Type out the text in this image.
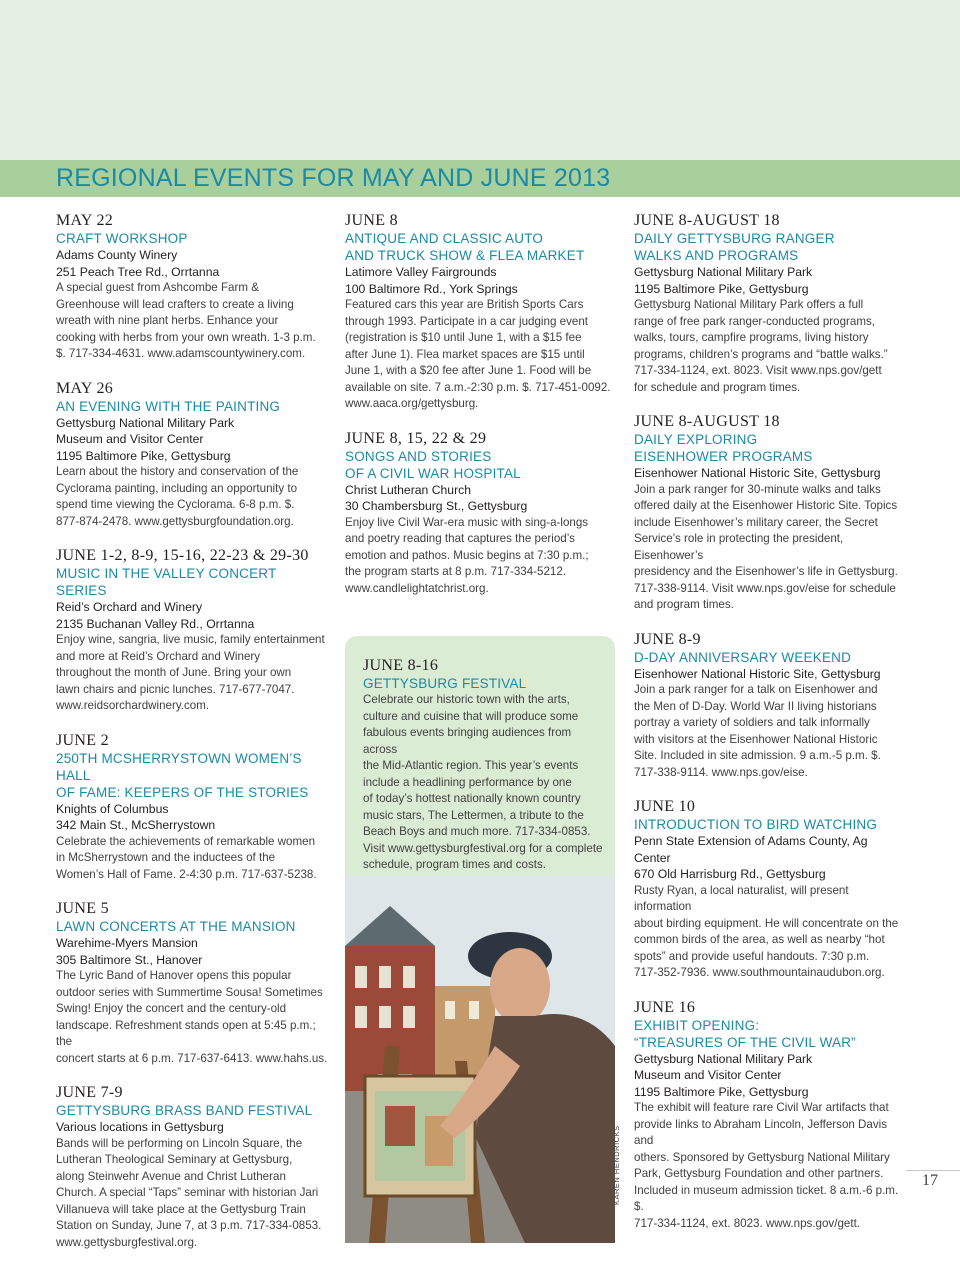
REGIONAL EVENTS FOR MAY AND JUNE 2013
MAY 22
CRAFT WORKSHOP
Adams County Winery
251 Peach Tree Rd., Orrtanna
A special guest from Ashcombe Farm &
Greenhouse will lead crafters to create a living
wreath with nine plant herbs. Enhance your
cooking with herbs from your own wreath. 1-3 p.m.
$. 717-334-4631. www.adamscountywinery.com.
MAY 26
AN EVENING WITH THE PAINTING
Gettysburg National Military Park
Museum and Visitor Center
1195 Baltimore Pike, Gettysburg
Learn about the history and conservation of the
Cyclorama painting, including an opportunity to
spend time viewing the Cyclorama. 6-8 p.m. $.
877-874-2478. www.gettysburgfoundation.org.
JUNE 1-2, 8-9, 15-16, 22-23 & 29-30
MUSIC IN THE VALLEY CONCERT SERIES
Reid’s Orchard and Winery
2135 Buchanan Valley Rd., Orrtanna
Enjoy wine, sangria, live music, family entertainment
and more at Reid’s Orchard and Winery
throughout the month of June. Bring your own
lawn chairs and picnic lunches. 717-677-7047.
www.reidsorchardwinery.com.
JUNE 2
250TH MCSHERRYSTOWN WOMEN’S HALL
OF FAME: KEEPERS OF THE STORIES
Knights of Columbus
342 Main St., McSherrystown
Celebrate the achievements of remarkable women
in McSherrystown and the inductees of the
Women’s Hall of Fame. 2-4:30 p.m. 717-637-5238.
JUNE 5
LAWN CONCERTS AT THE MANSION
Warehime-Myers Mansion
305 Baltimore St., Hanover
The Lyric Band of Hanover opens this popular
outdoor series with Summertime Sousa! Sometimes
Swing! Enjoy the concert and the century-old
landscape. Refreshment stands open at 5:45 p.m.; the
concert starts at 6 p.m. 717-637-6413. www.hahs.us.
JUNE 7-9
GETTYSBURG BRASS BAND FESTIVAL
Various locations in Gettysburg
Bands will be performing on Lincoln Square, the
Lutheran Theological Seminary at Gettysburg,
along Steinwehr Avenue and Christ Lutheran
Church. A special “Taps” seminar with historian Jari
Villanueva will take place at the Gettysburg Train
Station on Sunday, June 7, at 3 p.m. 717-334-0853.
www.gettysburgfestival.org.
JUNE 8
ANTIQUE AND CLASSIC AUTO
AND TRUCK SHOW & FLEA MARKET
Latimore Valley Fairgrounds
100 Baltimore Rd., York Springs
Featured cars this year are British Sports Cars
through 1993. Participate in a car judging event
(registration is $10 until June 1, with a $15 fee
after June 1). Flea market spaces are $15 until
June 1, with a $20 fee after June 1. Food will be
available on site. 7 a.m.-2:30 p.m. $. 717-451-0092.
www.aaca.org/gettysburg.
JUNE 8, 15, 22 & 29
SONGS AND STORIES
OF A CIVIL WAR HOSPITAL
Christ Lutheran Church
30 Chambersburg St., Gettysburg
Enjoy live Civil War-era music with sing-a-longs
and poetry reading that captures the period’s
emotion and pathos. Music begins at 7:30 p.m.;
the program starts at 8 p.m. 717-334-5212.
www.candlelightatchrist.org.
JUNE 8-AUGUST 18
DAILY GETTYSBURG RANGER
WALKS AND PROGRAMS
Gettysburg National Military Park
1195 Baltimore Pike, Gettysburg
Gettysburg National Military Park offers a full
range of free park ranger-conducted programs,
walks, tours, campfire programs, living history
programs, children’s programs and “battle walks.”
717-334-1124, ext. 8023. Visit www.nps.gov/gett
for schedule and program times.
JUNE 8-AUGUST 18
DAILY EXPLORING
EISENHOWER PROGRAMS
Eisenhower National Historic Site, Gettysburg
Join a park ranger for 30-minute walks and talks
offered daily at the Eisenhower Historic Site. Topics
include Eisenhower’s military career, the Secret
Service’s role in protecting the president, Eisenhower’s
presidency and the Eisenhower’s life in Gettysburg.
717-338-9114. Visit www.nps.gov/eise for schedule
and program times.
JUNE 8-9
D-DAY ANNIVERSARY WEEKEND
Eisenhower National Historic Site, Gettysburg
Join a park ranger for a talk on Eisenhower and
the Men of D-Day. World War II living historians
portray a variety of soldiers and talk informally
with visitors at the Eisenhower National Historic
Site. Included in site admission. 9 a.m.-5 p.m. $.
717-338-9114. www.nps.gov/eise.
JUNE 10
INTRODUCTION TO BIRD WATCHING
Penn State Extension of Adams County, Ag Center
670 Old Harrisburg Rd., Gettysburg
Rusty Ryan, a local naturalist, will present information
about birding equipment. He will concentrate on the
common birds of the area, as well as nearby “hot
spots” and provide useful handouts. 7:30 p.m.
717-352-7936. www.southmountainaudubon.org.
JUNE 16
EXHIBIT OPENING:
“TREASURES OF THE CIVIL WAR”
Gettysburg National Military Park
Museum and Visitor Center
1195 Baltimore Pike, Gettysburg
The exhibit will feature rare Civil War artifacts that
provide links to Abraham Lincoln, Jefferson Davis and
others. Sponsored by Gettysburg National Military
Park, Gettysburg Foundation and other partners.
Included in museum admission ticket. 8 a.m.-6 p.m. $.
717-334-1124, ext. 8023. www.nps.gov/gett.
JUNE 8-16
GETTYSBURG FESTIVAL
Celebrate our historic town with the arts,
culture and cuisine that will produce some
fabulous events bringing audiences from across
the Mid-Atlantic region. This year’s events
include a headlining performance by one
of today’s hottest nationally known country
music stars, The Lettermen, a tribute to the
Beach Boys and much more. 717-334-0853.
Visit www.gettysburgfestival.org for a complete
schedule, program times and costs.
KAREN HENDRICKS	17
